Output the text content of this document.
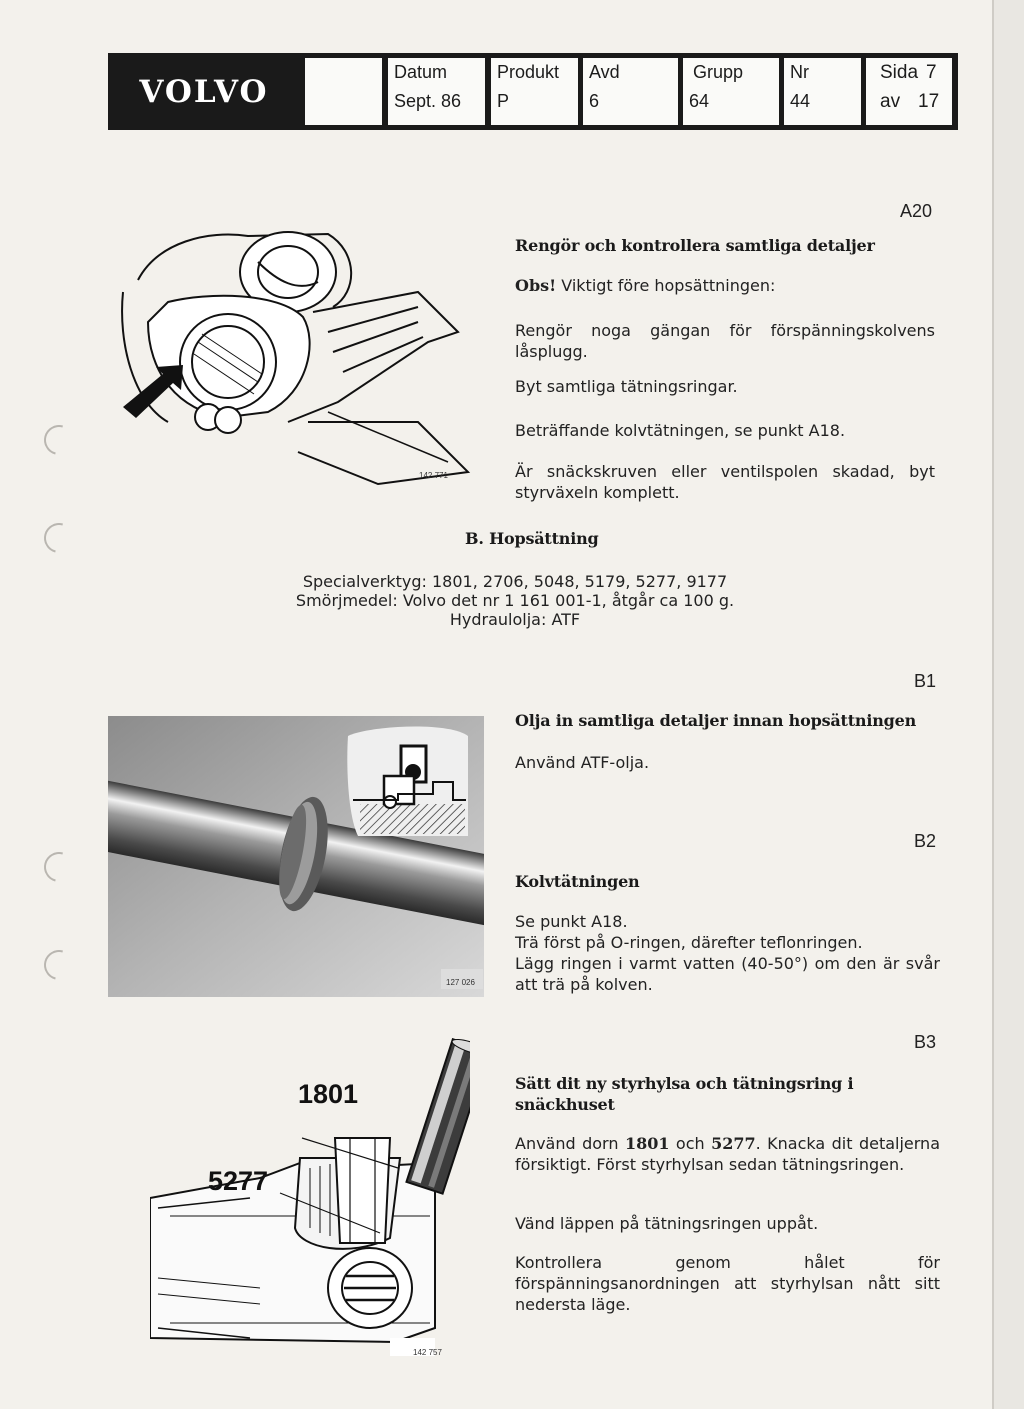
VOLVO
Datum
Sept. 86
Produkt
P
Avd
6
Grupp
64
Nr
44
Sida 7
av 17
A20
142 771
Rengör och kontrollera samtliga detaljer
Obs! Viktigt före hopsättningen:
Rengör noga gängan för förspänningskolvens låsplugg.
Byt samtliga tätningsringar.
Beträffande kolvtätningen, se punkt A18.
Är snäckskruven eller ventilspolen skadad, byt styrväxeln komplett.
B. Hopsättning
Specialverktyg: 1801, 2706, 5048, 5179, 5277, 9177
Smörjmedel: Volvo det nr 1 161 001-1, åtgår ca 100 g.
Hydraulolja: ATF
B1
Olja in samtliga detaljer innan hopsättningen
Använd ATF-olja.
127 026
B2
Kolvtätningen
Se punkt A18.
Trä först på O-ringen, därefter teflonringen.
Lägg ringen i varmt vatten (40-50°) om den är svår att trä på kolven.
B3
1801
5277
142 757
Sätt dit ny styrhylsa och tätningsring i snäckhuset
Använd dorn 1801 och 5277. Knacka dit detaljerna försiktigt. Först styrhylsan sedan tätningsringen.
Vänd läppen på tätningsringen uppåt.
Kontrollera genom hålet för förspänningsanordningen att styrhylsan nått sitt nedersta läge.
